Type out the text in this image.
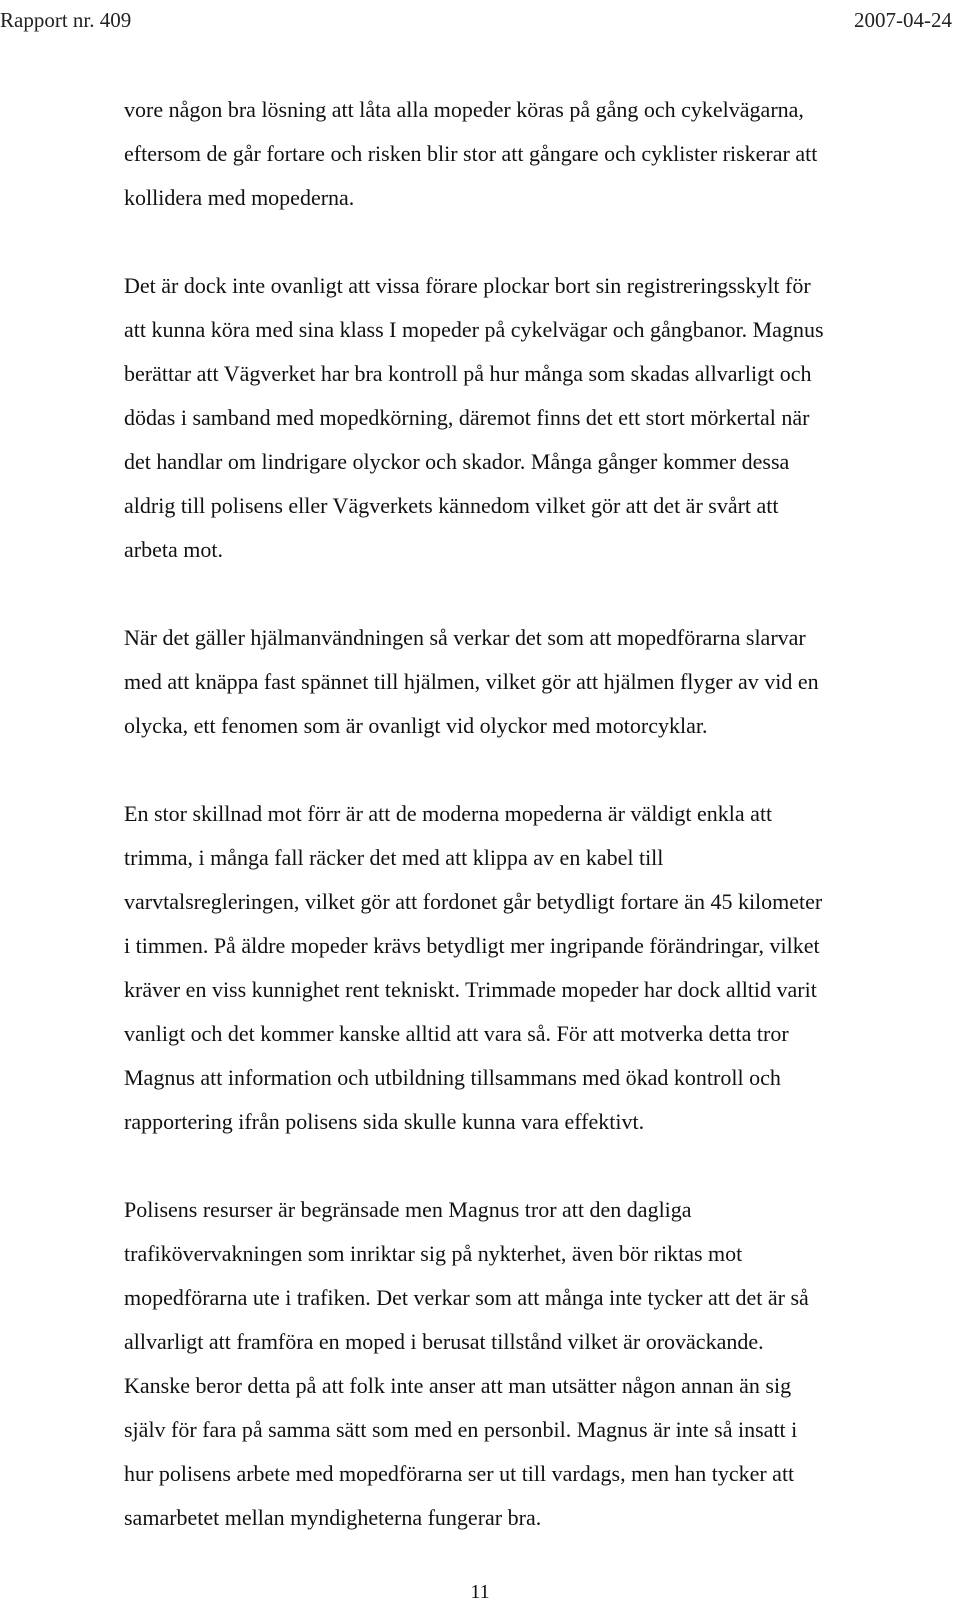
Rapport nr. 409	2007-04-24

vore någon bra lösning att låta alla mopeder köras på gång och cykelvägarna,
eftersom de går fortare och risken blir stor att gångare och cyklister riskerar att
kollidera med mopederna.

Det är dock inte ovanligt att vissa förare plockar bort sin registreringsskylt för
att kunna köra med sina klass I mopeder på cykelvägar och gångbanor. Magnus
berättar att Vägverket har bra kontroll på hur många som skadas allvarligt och
dödas i samband med mopedkörning, däremot finns det ett stort mörkertal när
det handlar om lindrigare olyckor och skador. Många gånger kommer dessa
aldrig till polisens eller Vägverkets kännedom vilket gör att det är svårt att
arbeta mot.

När det gäller hjälmanvändningen så verkar det som att mopedförarna slarvar
med att knäppa fast spännet till hjälmen, vilket gör att hjälmen flyger av vid en
olycka, ett fenomen som är ovanligt vid olyckor med motorcyklar.

En stor skillnad mot förr är att de moderna mopederna är väldigt enkla att
trimma, i många fall räcker det med att klippa av en kabel till
varvtalsregleringen, vilket gör att fordonet går betydligt fortare än 45 kilometer
i timmen. På äldre mopeder krävs betydligt mer ingripande förändringar, vilket
kräver en viss kunnighet rent tekniskt. Trimmade mopeder har dock alltid varit
vanligt och det kommer kanske alltid att vara så. För att motverka detta tror
Magnus att information och utbildning tillsammans med ökad kontroll och
rapportering ifrån polisens sida skulle kunna vara effektivt.

Polisens resurser är begränsade men Magnus tror att den dagliga
trafikövervakningen som inriktar sig på nykterhet, även bör riktas mot
mopedförarna ute i trafiken. Det verkar som att många inte tycker att det är så
allvarligt att framföra en moped i berusat tillstånd vilket är oroväckande.
Kanske beror detta på att folk inte anser att man utsätter någon annan än sig
själv för fara på samma sätt som med en personbil. Magnus är inte så insatt i
hur polisens arbete med mopedförarna ser ut till vardags, men han tycker att
samarbetet mellan myndigheterna fungerar bra.

11
